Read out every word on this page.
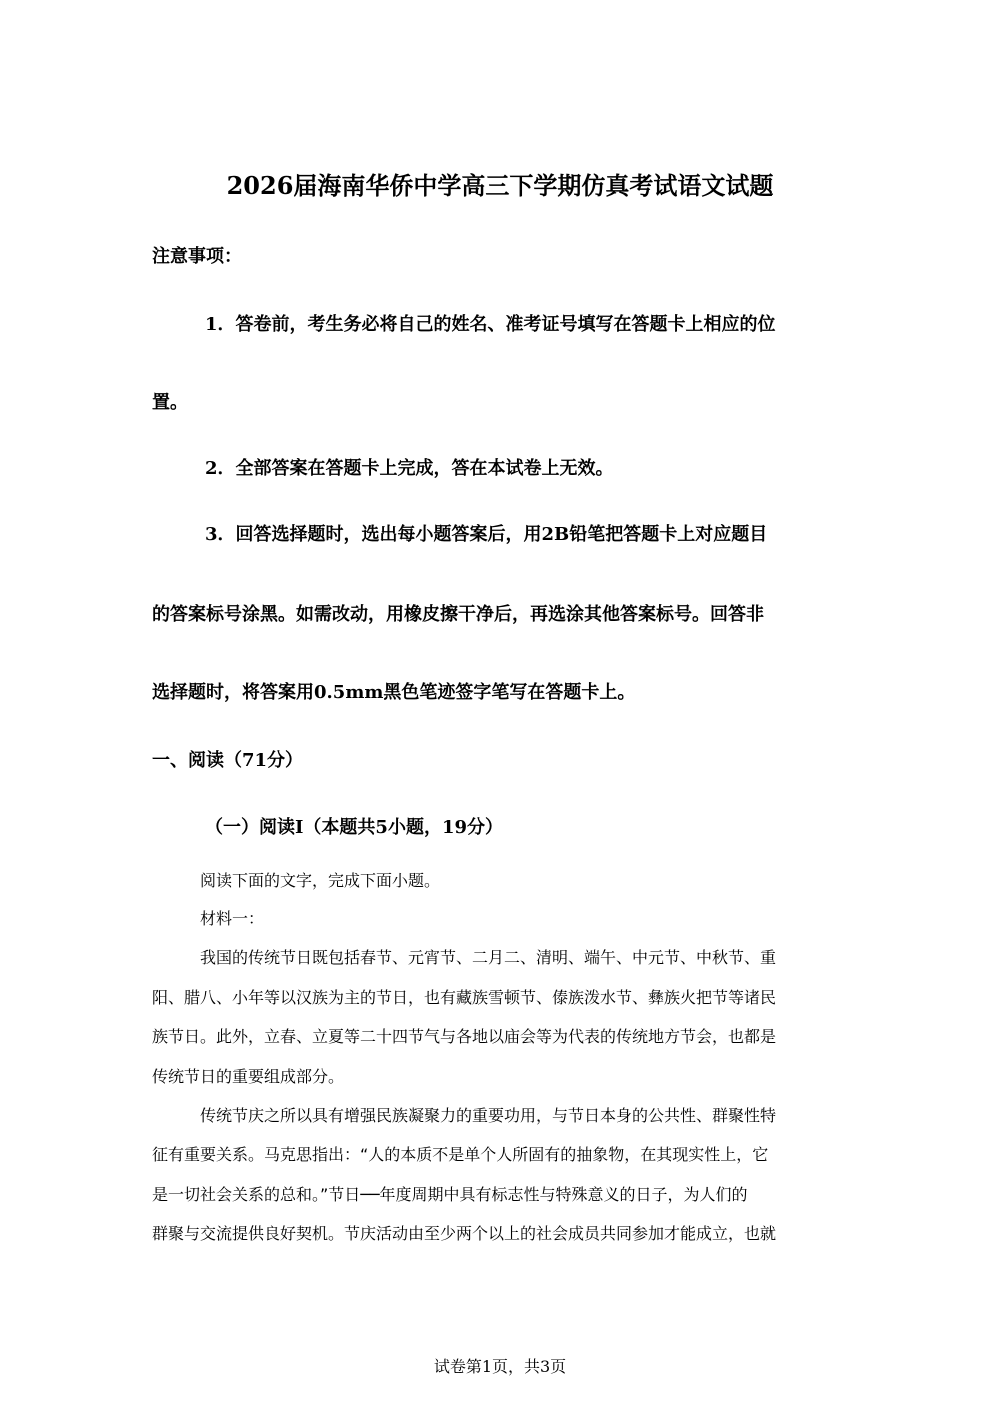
2026届海南华侨中学高三下学期仿真考试语文试题
注意事项：
1．答卷前，考生务必将自己的姓名、准考证号填写在答题卡上相应的位
置。
2．全部答案在答题卡上完成，答在本试卷上无效。
3．回答选择题时，选出每小题答案后，用2B铅笔把答题卡上对应题目
的答案标号涂黑。如需改动，用橡皮擦干净后，再选涂其他答案标号。回答非
选择题时，将答案用0.5mm黑色笔迹签字笔写在答题卡上。
一、阅读（71分）
（一）阅读Ⅰ（本题共5小题，19分）
阅读下面的文字，完成下面小题。
材料一：
我国的传统节日既包括春节、元宵节、二月二、清明、端午、中元节、中秋节、重
阳、腊八、小年等以汉族为主的节日，也有藏族雪顿节、傣族泼水节、彝族火把节等诸民
族节日。此外，立春、立夏等二十四节气与各地以庙会等为代表的传统地方节会，也都是
传统节日的重要组成部分。
传统节庆之所以具有增强民族凝聚力的重要功用，与节日本身的公共性、群聚性特
征有重要关系。马克思指出：“人的本质不是单个人所固有的抽象物，在其现实性上，它
是一切社会关系的总和。”节日──年度周期中具有标志性与特殊意义的日子，为人们的
群聚与交流提供良好契机。节庆活动由至少两个以上的社会成员共同参加才能成立，也就
试卷第1页，共3页
